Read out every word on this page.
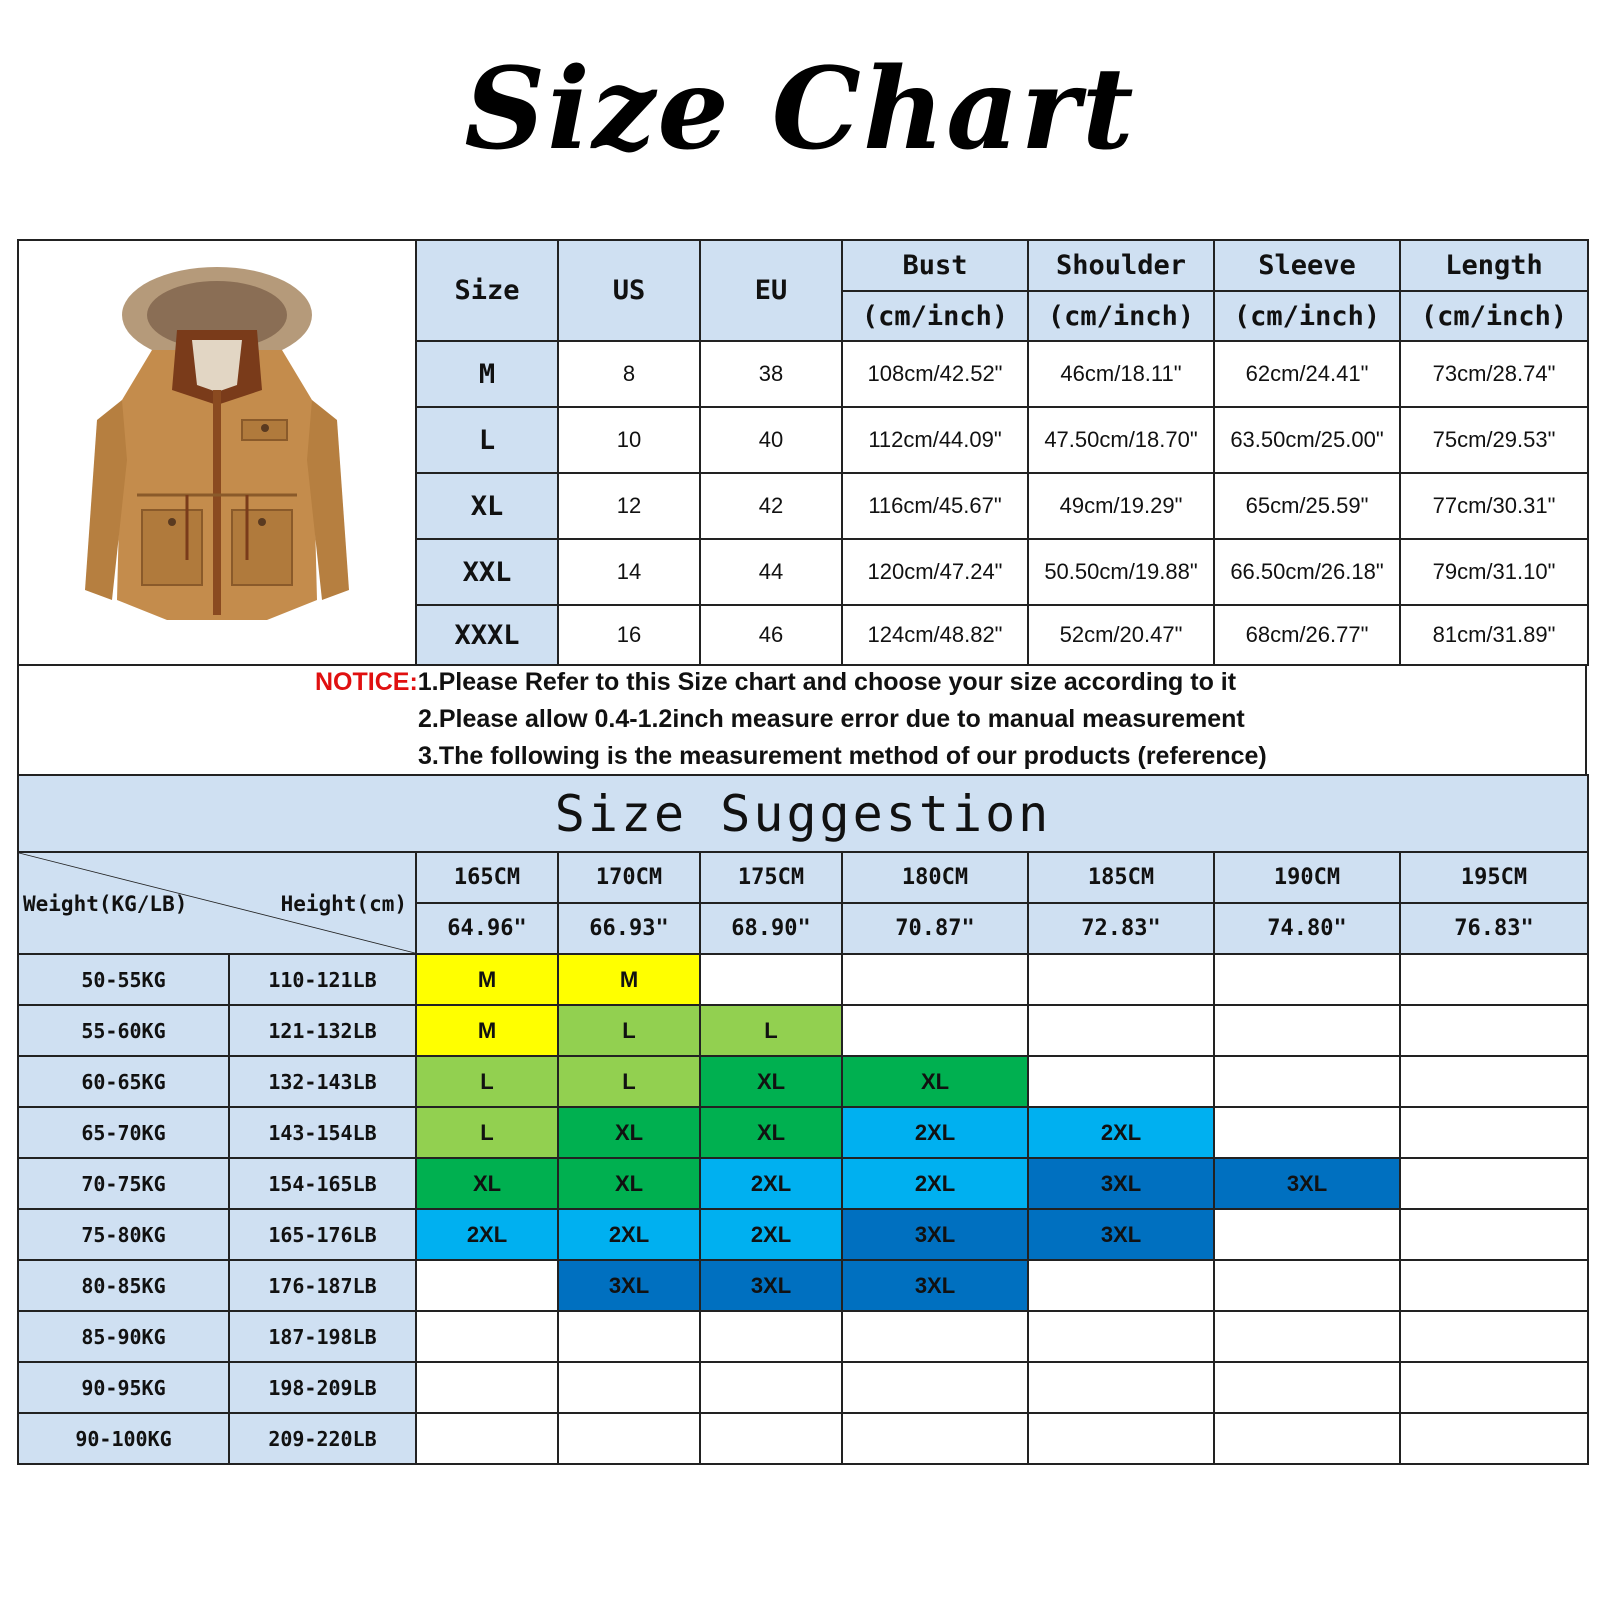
Size Chart
	Size	US	EU	Bust	Shoulder	Sleeve	Length
				(cm/inch)	(cm/inch)	(cm/inch)	(cm/inch)
	M	8	38	108cm/42.52"	46cm/18.11"	62cm/24.41"	73cm/28.74"
	L	10	40	112cm/44.09"	47.50cm/18.70"	63.50cm/25.00"	75cm/29.53"
	XL	12	42	116cm/45.67"	49cm/19.29"	65cm/25.59"	77cm/30.31"
	XXL	14	44	120cm/47.24"	50.50cm/19.88"	66.50cm/26.18"	79cm/31.10"
	XXXL	16	46	124cm/48.82"	52cm/20.47"	68cm/26.77"	81cm/31.89"
NOTICE:1.Please Refer to this Size chart and choose your size according to it
2.Please allow 0.4-1.2inch measure error due to manual measurement
3.The following is the measurement method of our products (reference)
Size Suggestion								

Weight(KG/LB) Height(cm)		165CM	170CM	175CM	180CM	185CM	190CM	195CM
		64.96"	66.93"	68.90"	70.87"	72.83"	74.80"	76.83"
50-55KG	110-121LB	M	M					
55-60KG	121-132LB	M	L	L				
60-65KG	132-143LB	L	L	XL	XL			
65-70KG	143-154LB	L	XL	XL	2XL	2XL		
70-75KG	154-165LB	XL	XL	2XL	2XL	3XL	3XL	
75-80KG	165-176LB	2XL	2XL	2XL	3XL	3XL		
80-85KG	176-187LB		3XL	3XL	3XL			
85-90KG	187-198LB							
90-95KG	198-209LB							
90-100KG	209-220LB							
